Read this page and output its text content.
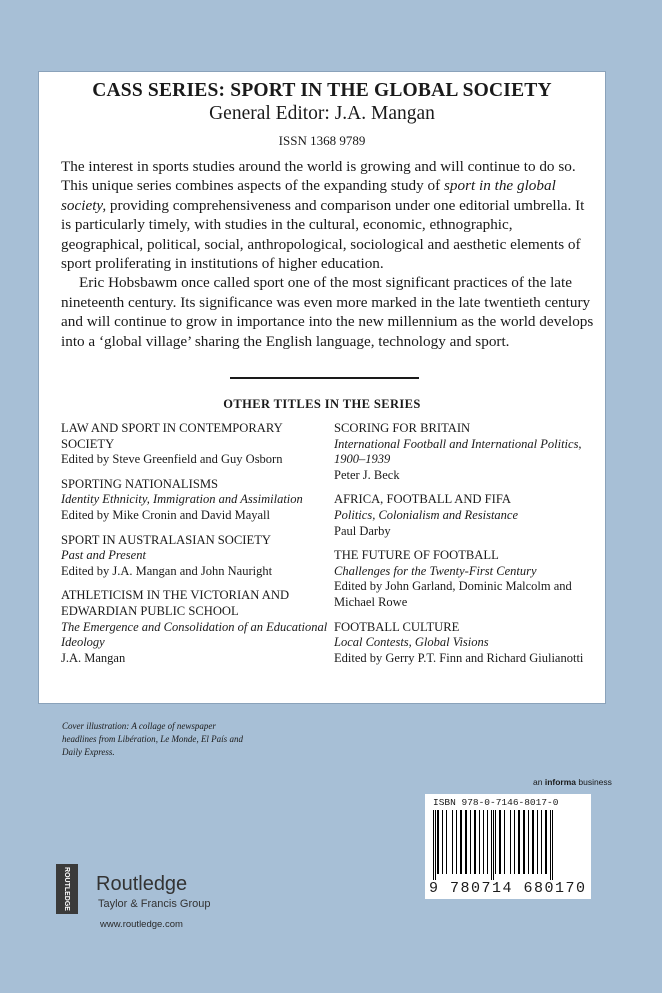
CASS SERIES: SPORT IN THE GLOBAL SOCIETY
General Editor: J.A. Mangan
ISSN 1368 9789

The interest in sports studies around the world is growing and will continue to do so. This unique series combines aspects of the expanding study of sport in the global society, providing comprehensiveness and comparison under one editorial umbrella. It is particularly timely, with studies in the cultural, economic, ethnographic, geographical, political, social, anthropological, sociological and aesthetic elements of sport proliferating in institutions of higher education.

Eric Hobsbawm once called sport one of the most significant practices of the late nineteenth century. Its significance was even more marked in the late twentieth century and will continue to grow in importance into the new millennium as the world develops into a ‘global village’ sharing the English language, technology and sport.

OTHER TITLES IN THE SERIES
LAW AND SPORT IN CONTEMPORARY SOCIETY
Edited by Steve Greenfield and Guy Osborn
SPORTING NATIONALISMS
Identity Ethnicity, Immigration and Assimilation
Edited by Mike Cronin and David Mayall
SPORT IN AUSTRALASIAN SOCIETY
Past and Present
Edited by J.A. Mangan and John Nauright
ATHLETICISM IN THE VICTORIAN AND EDWARDIAN PUBLIC SCHOOL
The Emergence and Consolidation of an Educational Ideology
J.A. Mangan
SCORING FOR BRITAIN
International Football and International Politics, 1900–1939
Peter J. Beck
AFRICA, FOOTBALL AND FIFA
Politics, Colonialism and Resistance
Paul Darby
THE FUTURE OF FOOTBALL
Challenges for the Twenty-First Century
Edited by John Garland, Dominic Malcolm and Michael Rowe
FOOTBALL CULTURE
Local Contests, Global Visions
Edited by Gerry P.T. Finn and Richard Giulianotti
Cover illustration: A collage of newspaper headlines from Libération, Le Monde, El País and Daily Express.
an informa business
ISBN 978-0-7146-8017-0
9 780714 680170
ROUTLEDGE Routledge
Taylor & Francis Group
www.routledge.com
